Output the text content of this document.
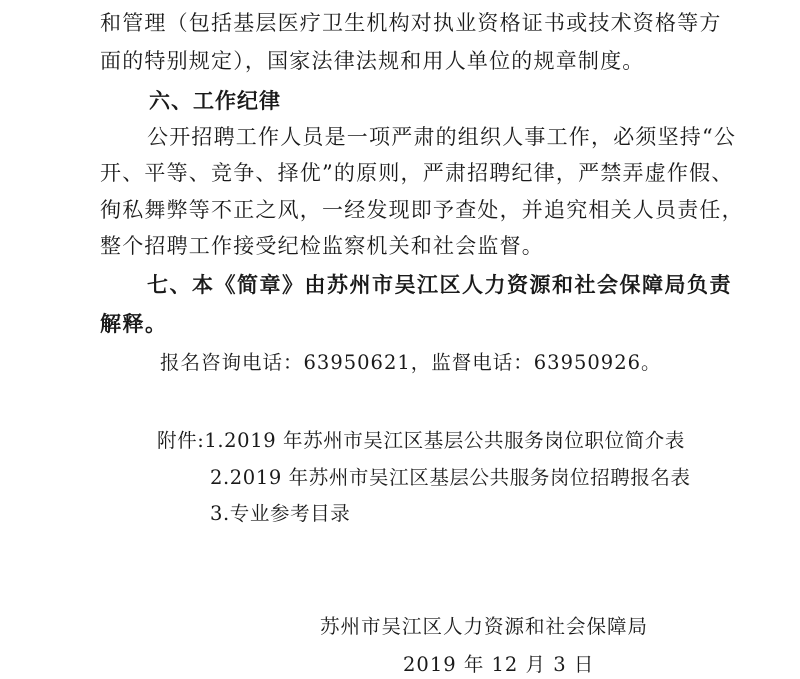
和管理（包括基层医疗卫生机构对执业资格证书或技术资格等方
面的特别规定），国家法律法规和用人单位的规章制度。
六、工作纪律
公开招聘工作人员是一项严肃的组织人事工作，必须坚持“公
开、平等、竞争、择优”的原则，严肃招聘纪律，严禁弄虚作假、
徇私舞弊等不正之风，一经发现即予查处，并追究相关人员责任，
整个招聘工作接受纪检监察机关和社会监督。
七、本《简章》由苏州市吴江区人力资源和社会保障局负责
解释。
报名咨询电话：63950621，监督电话：63950926。
附件:1.2019 年苏州市吴江区基层公共服务岗位职位简介表
2.2019 年苏州市吴江区基层公共服务岗位招聘报名表
3.专业参考目录
苏州市吴江区人力资源和社会保障局
2019 年 12 月 3 日
